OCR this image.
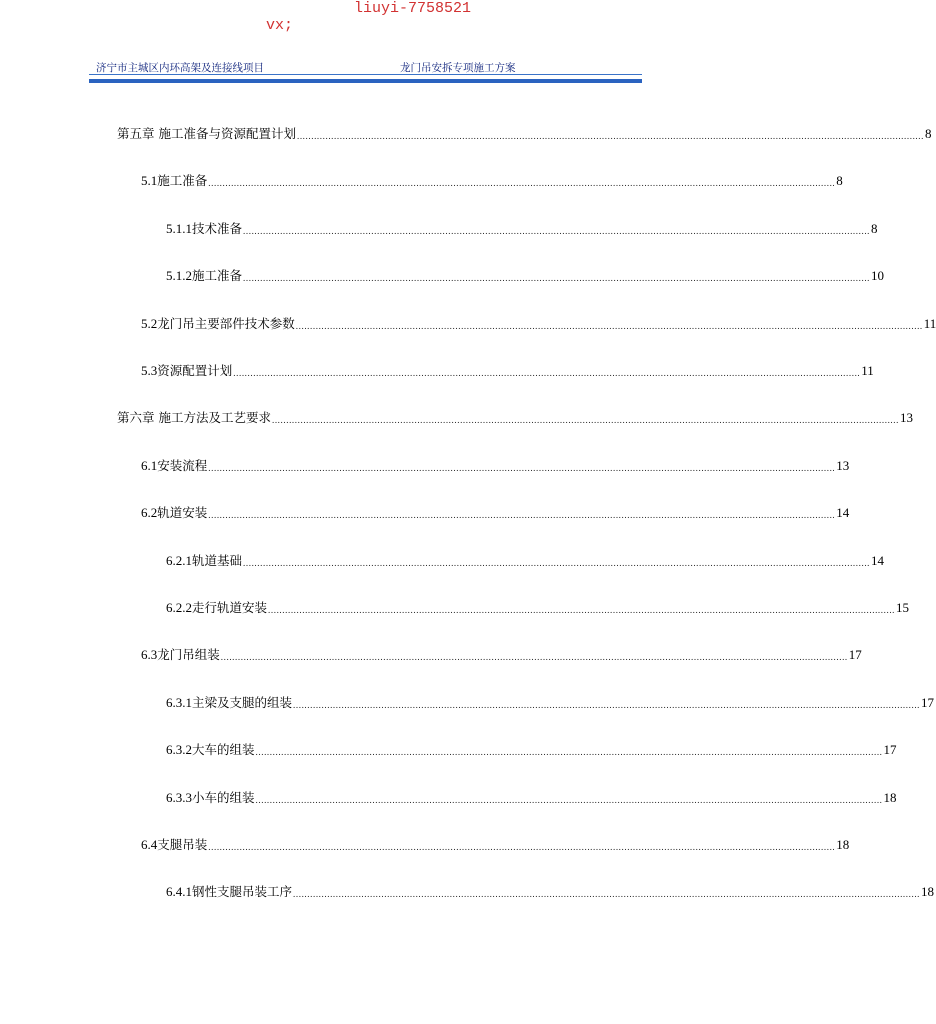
vx;

liuyi-7758521

济宁市主城区内环高架及连接线项目	龙门吊安拆专项施工方案
第五章 施工准备与资源配置计划 ............................................................................................................................................................................................................................ 8
5.1 施工准备 ............................................................................................................................................................................................................................ 8
5.1.1 技术准备 ............................................................................................................................................................................................................................ 8
5.1.2 施工准备 ............................................................................................................................................................................................................................ 10
5.2 龙门吊主要部件技术参数 ............................................................................................................................................................................................................................ 11
5.3 资源配置计划 ............................................................................................................................................................................................................................ 11
第六章 施工方法及工艺要求 ............................................................................................................................................................................................................................ 13
6.1 安装流程 ............................................................................................................................................................................................................................ 13
6.2 轨道安装 ............................................................................................................................................................................................................................ 14
6.2.1 轨道基础 ............................................................................................................................................................................................................................ 14
6.2.2 走行轨道安装 ............................................................................................................................................................................................................................ 15
6.3 龙门吊组装 ............................................................................................................................................................................................................................ 17
6.3.1 主梁及支腿的组装 ............................................................................................................................................................................................................................ 17
6.3.2 大车的组装 ............................................................................................................................................................................................................................ 17
6.3.3 小车的组装 ............................................................................................................................................................................................................................ 18
6.4 支腿吊装 ............................................................................................................................................................................................................................ 18
6.4.1 钢性支腿吊装工序 ............................................................................................................................................................................................................................ 18
